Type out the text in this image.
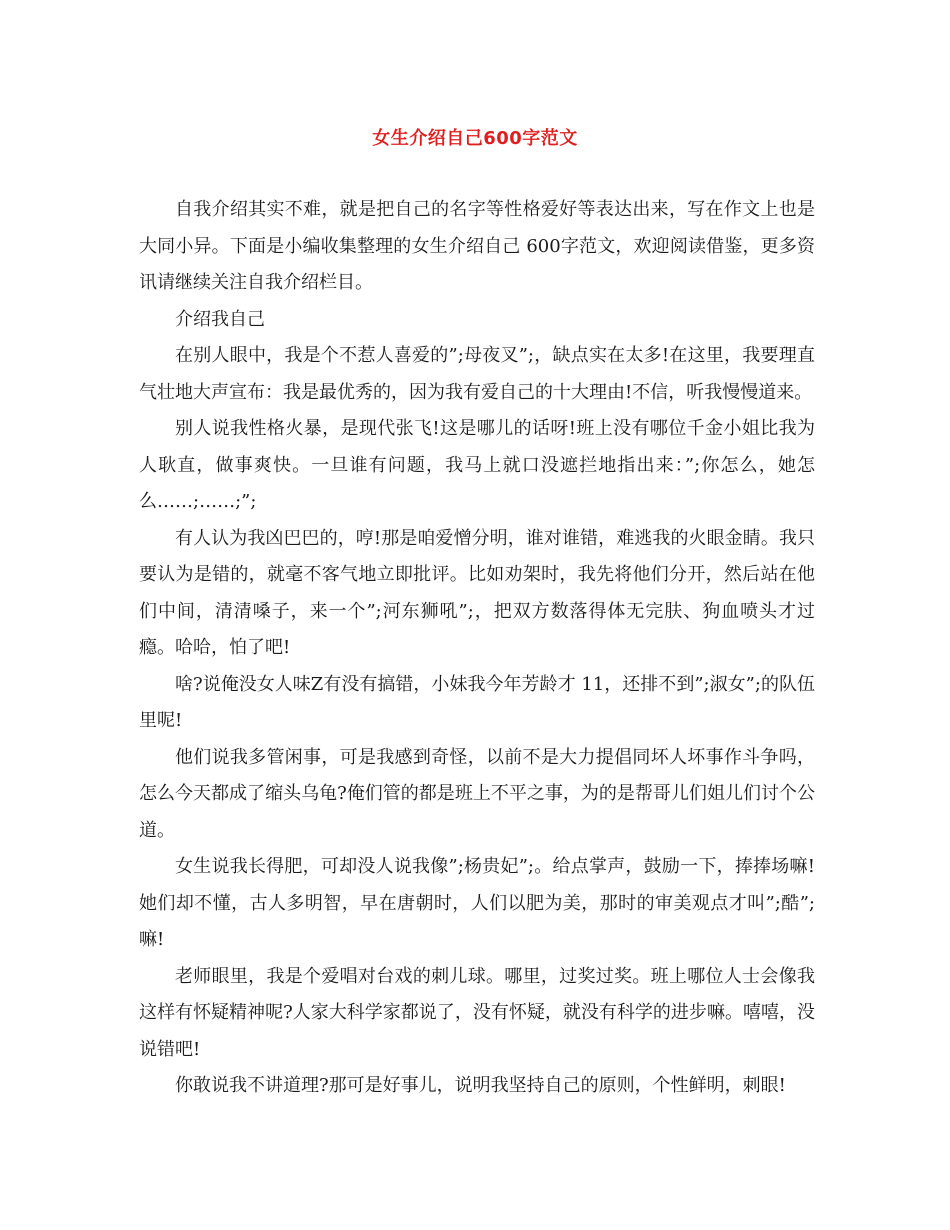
女生介绍自己600字范文

自我介绍其实不难，就是把自己的名字等性格爱好等表达出来，写在作文上也是大同小异。下面是小编收集整理的女生介绍自己 600字范文，欢迎阅读借鉴，更多资讯请继续关注自我介绍栏目。

介绍我自己

在别人眼中，我是个不惹人喜爱的”;母夜叉”;，缺点实在太多!在这里，我要理直气壮地大声宣布：我是最优秀的，因为我有爱自己的十大理由!不信，听我慢慢道来。

别人说我性格火暴，是现代张飞!这是哪儿的话呀!班上没有哪位千金小姐比我为人耿直，做事爽快。一旦谁有问题，我马上就口没遮拦地指出来：”;你怎么，她怎么……;……;”;

有人认为我凶巴巴的，哼!那是咱爱憎分明，谁对谁错，难逃我的火眼金睛。我只要认为是错的，就毫不客气地立即批评。比如劝架时，我先将他们分开，然后站在他们中间，清清嗓子，来一个”;河东狮吼”;，把双方数落得体无完肤、狗血喷头才过瘾。哈哈，怕了吧!

啥?说俺没女人味Z有没有搞错，小妹我今年芳龄才 11，还排不到”;淑女”;的队伍里呢!

他们说我多管闲事，可是我感到奇怪，以前不是大力提倡同坏人坏事作斗争吗，怎么今天都成了缩头乌龟?俺们管的都是班上不平之事，为的是帮哥儿们姐儿们讨个公道。

女生说我长得肥，可却没人说我像”;杨贵妃”;。给点掌声，鼓励一下，捧捧场嘛!她们却不懂，古人多明智，早在唐朝时，人们以肥为美，那时的审美观点才叫”;酷”;嘛!

老师眼里，我是个爱唱对台戏的刺儿球。哪里，过奖过奖。班上哪位人士会像我这样有怀疑精神呢?人家大科学家都说了，没有怀疑，就没有科学的进步嘛。嘻嘻，没说错吧!

你敢说我不讲道理?那可是好事儿，说明我坚持自己的原则，个性鲜明，刺眼!
